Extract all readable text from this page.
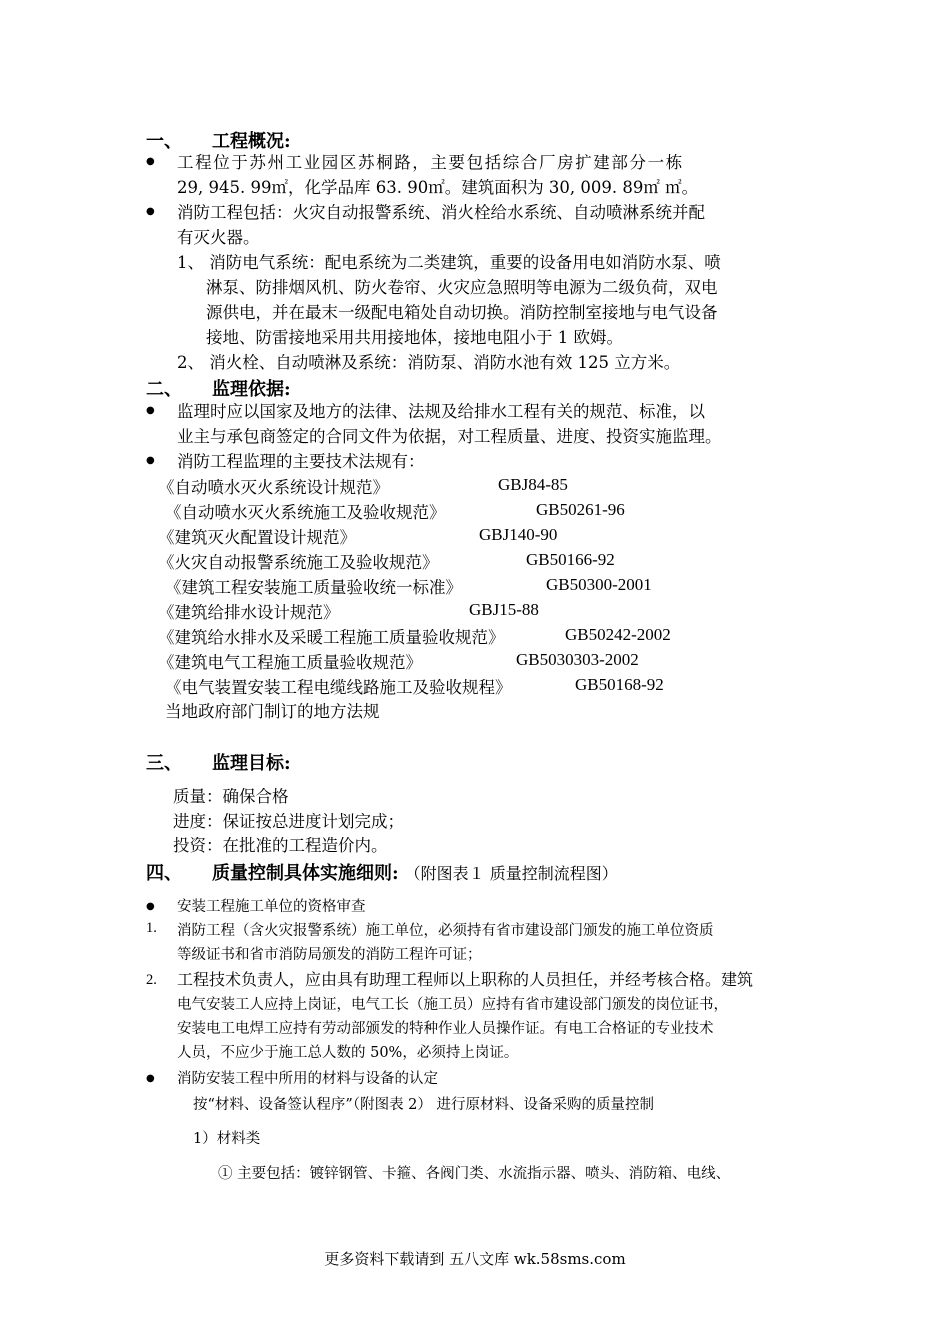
一、 工程概况:
● 工程位于苏州工业园区苏桐路，主要包括综合厂房扩建部分一栋
29, 945. 99㎡，化学品库 63. 90㎡。建筑面积为 30, 009. 89㎡ ㎡。
● 消防工程包括：火灾自动报警系统、消火栓给水系统、自动喷淋系统并配
有灭火器。
1、 消防电气系统：配电系统为二类建筑，重要的设备用电如消防水泵、喷
淋泵、防排烟风机、防火卷帘、火灾应急照明等电源为二级负荷，双电
源供电，并在最末一级配电箱处自动切换。消防控制室接地与电气设备
接地、防雷接地采用共用接地体，接地电阻小于 1 欧姆。
2、 消火栓、自动喷淋及系统：消防泵、消防水池有效 125 立方米。
二、 监理依据:
● 监理时应以国家及地方的法律、法规及给排水工程有关的规范、标准，以
业主与承包商签定的合同文件为依据，对工程质量、进度、投资实施监理。
● 消防工程监理的主要技术法规有：
《自动喷水灭火系统设计规范》	GBJ84-85
《自动喷水灭火系统施工及验收规范》	GB50261-96
《建筑灭火配置设计规范》	GBJ140-90
《火灾自动报警系统施工及验收规范》	GB50166-92
《建筑工程安装施工质量验收统一标准》	GB50300-2001
《建筑给排水设计规范》	GBJ15-88
《建筑给水排水及采暖工程施工质量验收规范》	GB50242-2002
《建筑电气工程施工质量验收规范》	GB5030303-2002
《电气装置安装工程电缆线路施工及验收规程》	GB50168-92
当地政府部门制订的地方法规
三、 监理目标:
质量：确保合格
进度：保证按总进度计划完成；
投资：在批准的工程造价内。
四、 质量控制具体实施细则: （附图表１ 质量控制流程图）
● 安装工程施工单位的资格审查
1. 消防工程（含火灾报警系统）施工单位，必须持有省市建设部门颁发的施工单位资质
等级证书和省市消防局颁发的消防工程许可证；
2. 工程技术负责人，应由具有助理工程师以上职称的人员担任，并经考核合格。建筑
电气安装工人应持上岗证，电气工长（施工员）应持有省市建设部门颁发的岗位证书，
安装电工电焊工应持有劳动部颁发的特种作业人员操作证。有电工合格证的专业技术
人员，不应少于施工总人数的 50%，必须持上岗证。
● 消防安装工程中所用的材料与设备的认定
按“材料、设备签认程序”（附图表 2） 进行原材料、设备采购的质量控制
1）材料类
① 主要包括：镀锌钢管、卡箍、各阀门类、水流指示器、喷头、消防箱、电线、
更多资料下载请到 五八文库 wk.58sms.com
